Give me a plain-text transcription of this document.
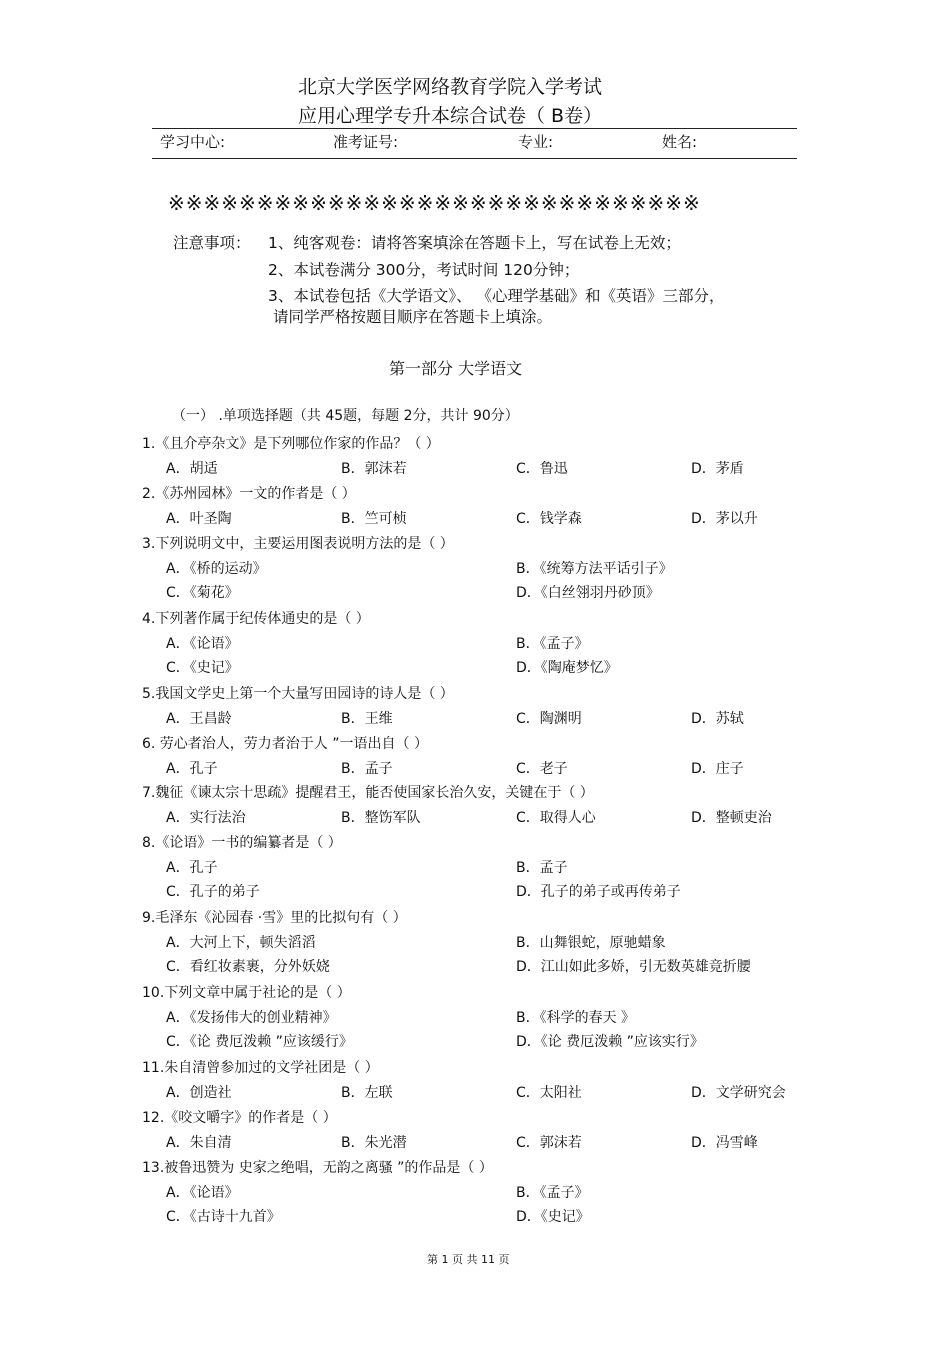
北京大学医学网络教育学院入学考试
应用心理学专升本综合试卷（ B卷）
学习中心:	准考证号:	专业:	姓名:
※※※※※※※※※※※※※※※※※※※※※※※※※※※※※※
注意事项： 1、纯客观卷：请将答案填涂在答题卡上，写在试卷上无效；
2、本试卷满分 300分，考试时间 120分钟；
3、本试卷包括《大学语文》、 《心理学基础》和《英语》三部分，
请同学严格按题目顺序在答题卡上填涂。
第一部分 大学语文
（一） .单项选择题（共 45题，每题 2分，共计 90分）
1.《且介亭杂文》是下列哪位作家的作品？（ ）
A．胡适	B．郭沫若	C．鲁迅	D．茅盾
2.《苏州园林》一文的作者是（ ）
A．叶圣陶	B．竺可桢	C．钱学森	D．茅以升
3.下列说明文中，主要运用图表说明方法的是（ ）
A．《桥的运动》	B．《统筹方法平话引子》
C．《菊花》	D．《白丝翎羽丹砂顶》
4.下列著作属于纪传体通史的是（ ）
A．《论语》	B．《孟子》
C．《史记》	D．《陶庵梦忆》
5.我国文学史上第一个大量写田园诗的诗人是（ ）
A．王昌龄	B．王维	C．陶渊明	D．苏轼
6. 劳心者治人，劳力者治于人 ”一语出自（ ）
A．孔子	B．孟子	C．老子	D．庄子
7.魏征《谏太宗十思疏》提醒君王，能否使国家长治久安，关键在于（ ）
A．实行法治	B．整饬军队	C．取得人心	D．整顿吏治
8.《论语》一书的编纂者是（ ）
A．孔子	B．孟子
C．孔子的弟子	D．孔子的弟子或再传弟子
9.毛泽东《沁园春 ·雪》里的比拟句有（ ）
A．大河上下，顿失滔滔	B．山舞银蛇，原驰蜡象
C．看红妆素裹，分外妖娆	D．江山如此多娇，引无数英雄竞折腰
10.下列文章中属于社论的是（ ）
A．《发扬伟大的创业精神》	B．《科学的春天 》
C．《论 费厄泼赖 ”应该缓行》	D．《论 费厄泼赖 ”应该实行》
11.朱自清曾参加过的文学社团是（ ）
A．创造社	B．左联	C．太阳社	D．文学研究会
12.《咬文嚼字》的作者是（ ）
A．朱自清	B．朱光潜	C．郭沫若	D．冯雪峰
13.被鲁迅赞为 史家之绝唱，无韵之离骚 ”的作品是（ ）
A．《论语》	B．《孟子》
C．《古诗十九首》	D．《史记》
第 1 页 共 11 页
